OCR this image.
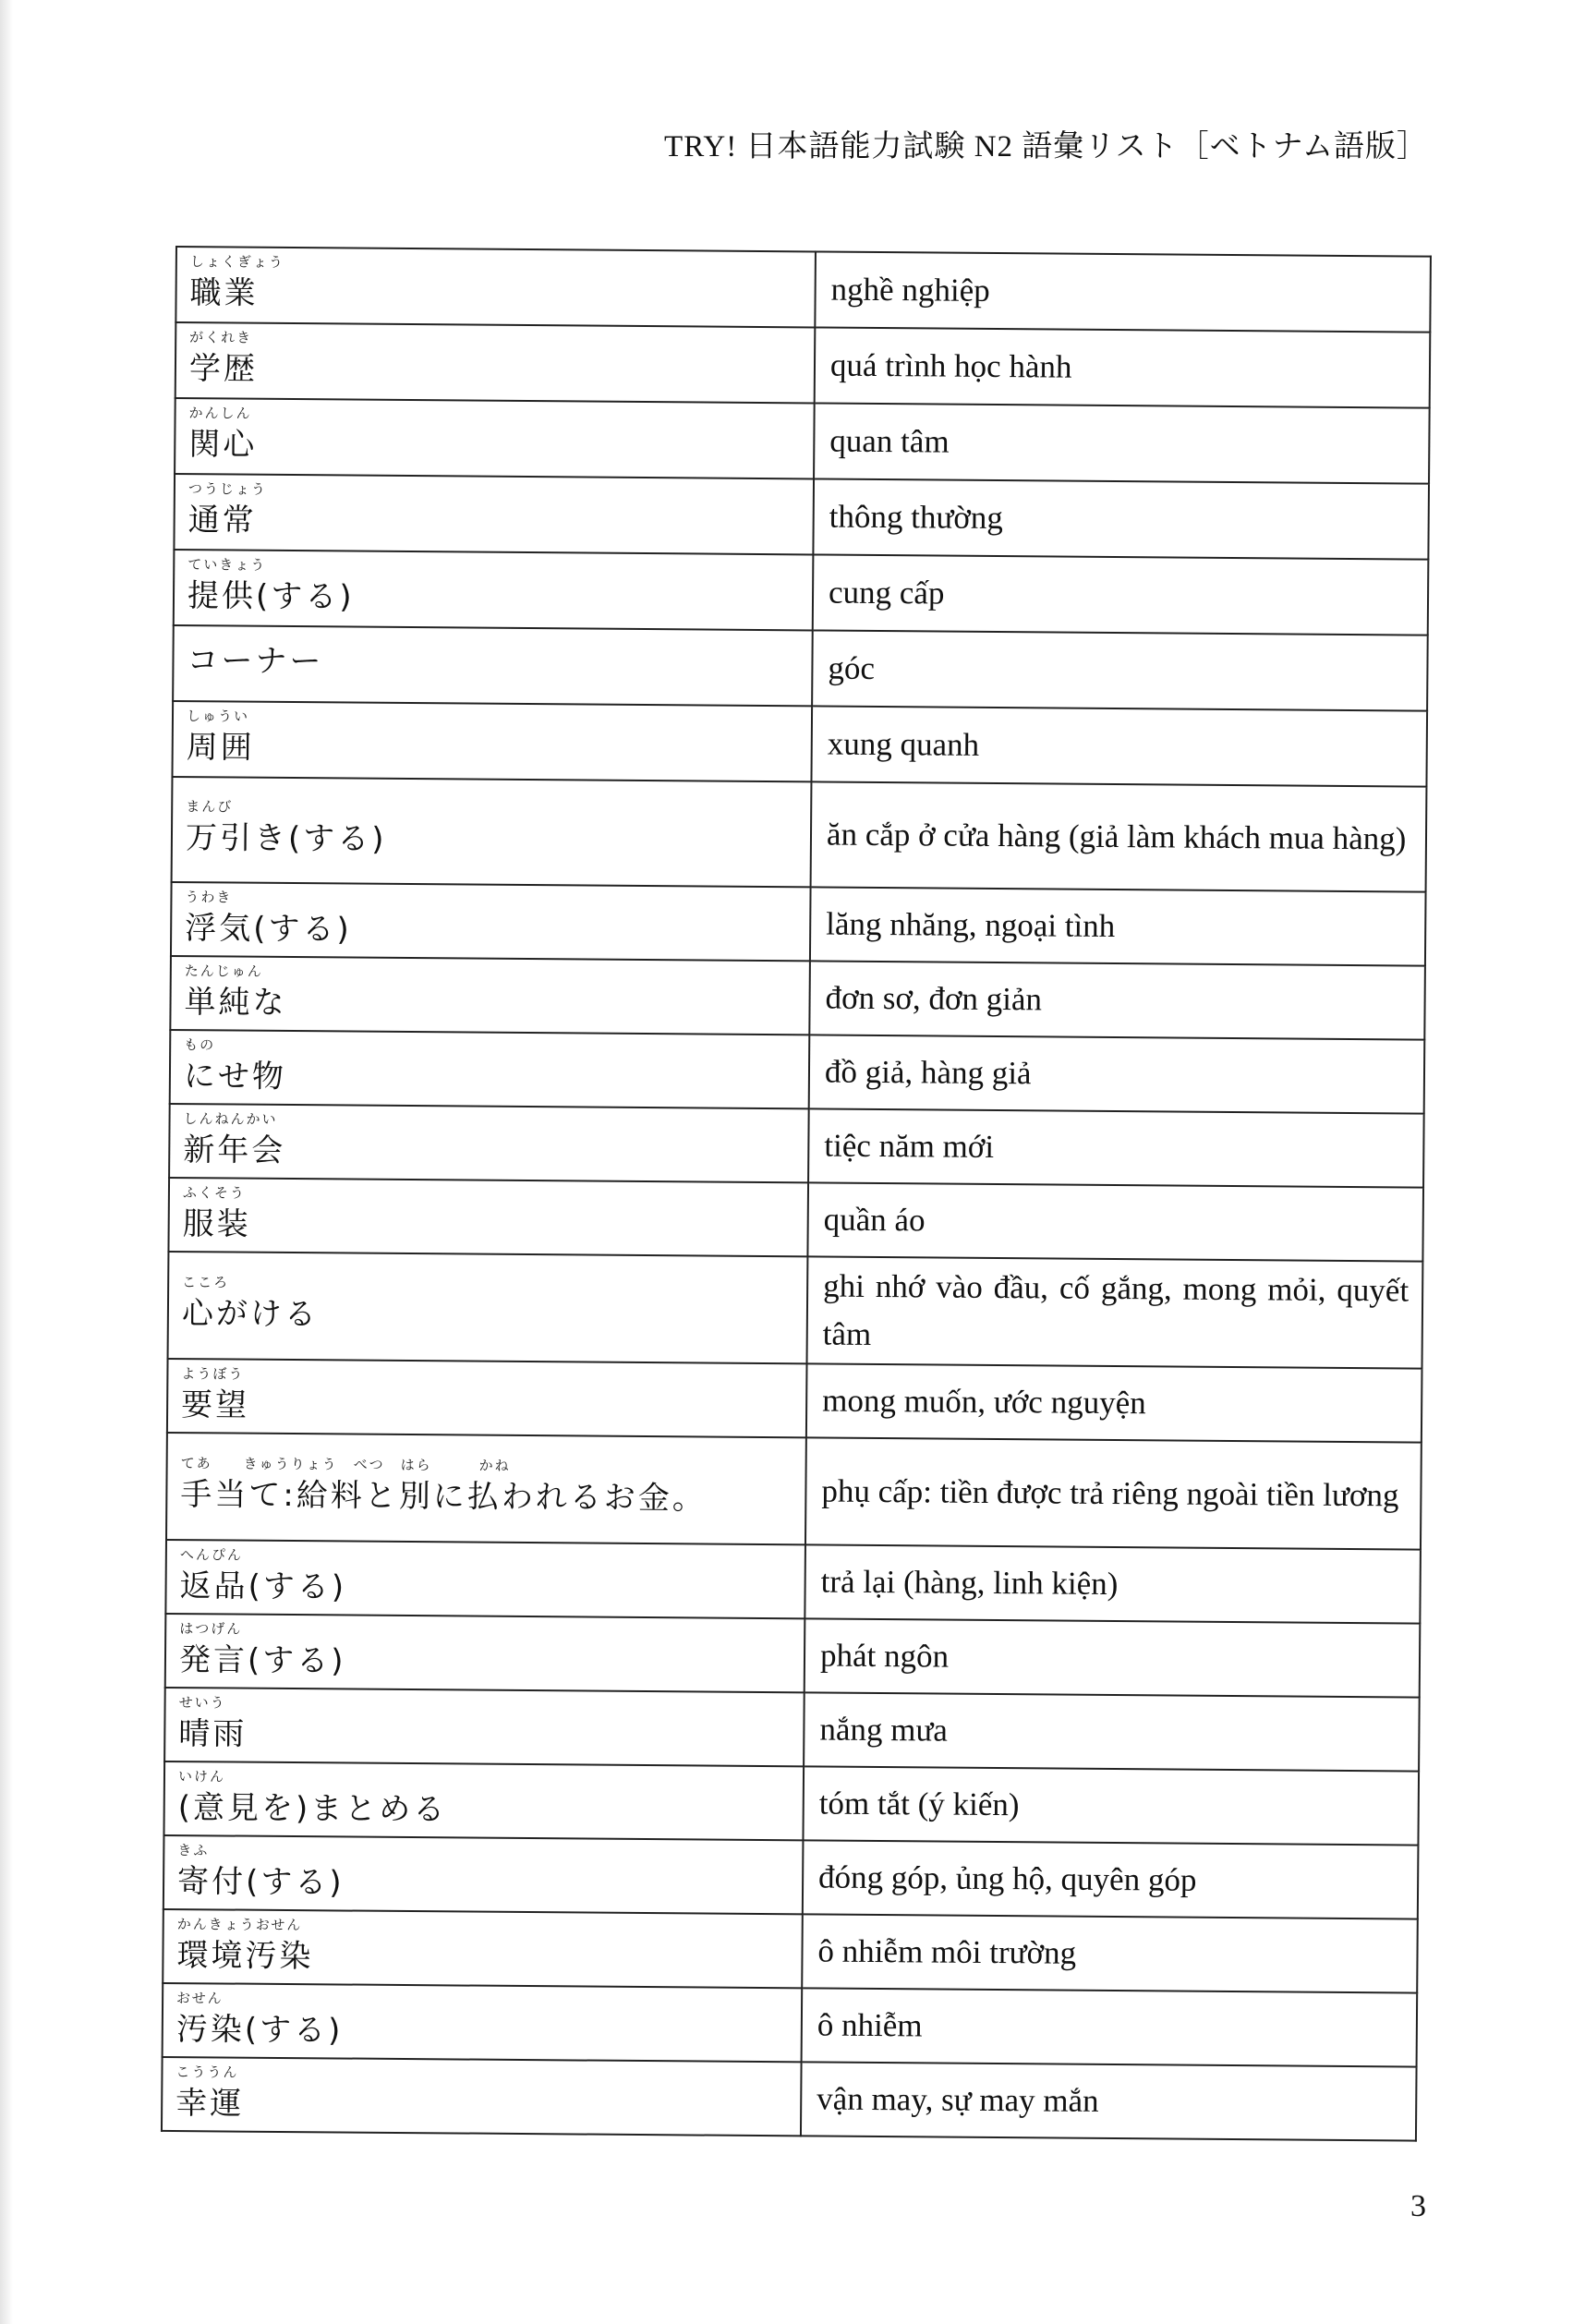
TRY! 日本語能力試験 N2 語彙リスト［ベトナム語版］
しょくぎょう
職業	nghề nghiệp

がくれき
学歴	quá trình học hành

かんしん
関心	quan tâm

つうじょう
通常	thông thường

ていきょう
提供(する)	cung cấp

コーナー	góc

しゅうい
周囲	xung quanh

まんび
万引き(する)	ăn cắp ở cửa hàng (giả làm khách mua hàng)

うわき
浮気(する)	lăng nhăng, ngoại tình

たんじゅん
単純な	đơn sơ, đơn giản

もの
にせ物	đồ giả, hàng giả

しんねんかい
新年会	tiệc năm mới

ふくそう
服装	quần áo

こころ
心がける	ghi nhớ vào đầu, cố gắng, mong mỏi, quyết tâm

ようぼう
要望	mong muốn, ước nguyện

てあ　　きゅうりょう　べつ　はら　　　かね
手当て:給料と別に払われるお金。	phụ cấp: tiền được trả riêng ngoài tiền lương

へんぴん
返品(する)	trả lại (hàng, linh kiện)

はつげん
発言(する)	phát ngôn

せいう
晴雨	nắng mưa

いけん
(意見を)まとめる	tóm tắt (ý kiến)

きふ
寄付(する)	đóng góp, ủng hộ, quyên góp

かんきょうおせん
環境汚染	ô nhiễm môi trường

おせん
汚染(する)	ô nhiễm

こううん
幸運	vận may, sự may mắn
3
